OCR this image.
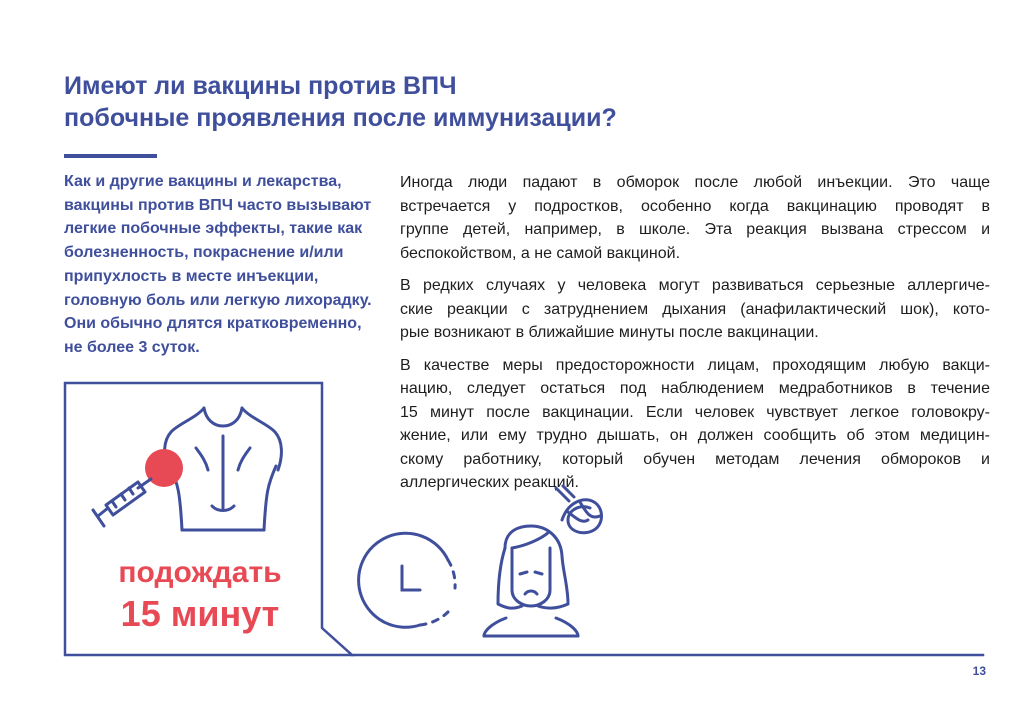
Имеют ли вакцины против ВПЧ
побочные проявления после иммунизации?
Как и другие вакцины и лекарства,
вакцины против ВПЧ часто вызывают
легкие побочные эффекты, такие как
болезненность, покраснение и/или
припухлость в месте инъекции,
головную боль или легкую лихорадку.
Они обычно длятся кратковременно,
не более 3 суток.

Иногда люди падают в обморок после любой инъекции. Это чаще
встречается у подростков, особенно когда вакцинацию проводят в
группе детей, например, в школе. Эта реакция вызвана стрессом и
беспокойством, а не самой вакциной.

В редких случаях у человека могут развиваться серьезные аллергиче-
ские реакции с затруднением дыхания (анафилактический шок), кото-
рые возникают в ближайшие минуты после вакцинации.

В качестве меры предосторожности лицам, проходящим любую вакци-
нацию, следует остаться под наблюдением медработников в течение
15 минут после вакцинации. Если человек чувствует легкое головокру-
жение, или ему трудно дышать, он должен сообщить об этом медицин-
скому работнику, который обучен методам лечения обмороков и
аллергических реакций.

подождать
15 минут
13
